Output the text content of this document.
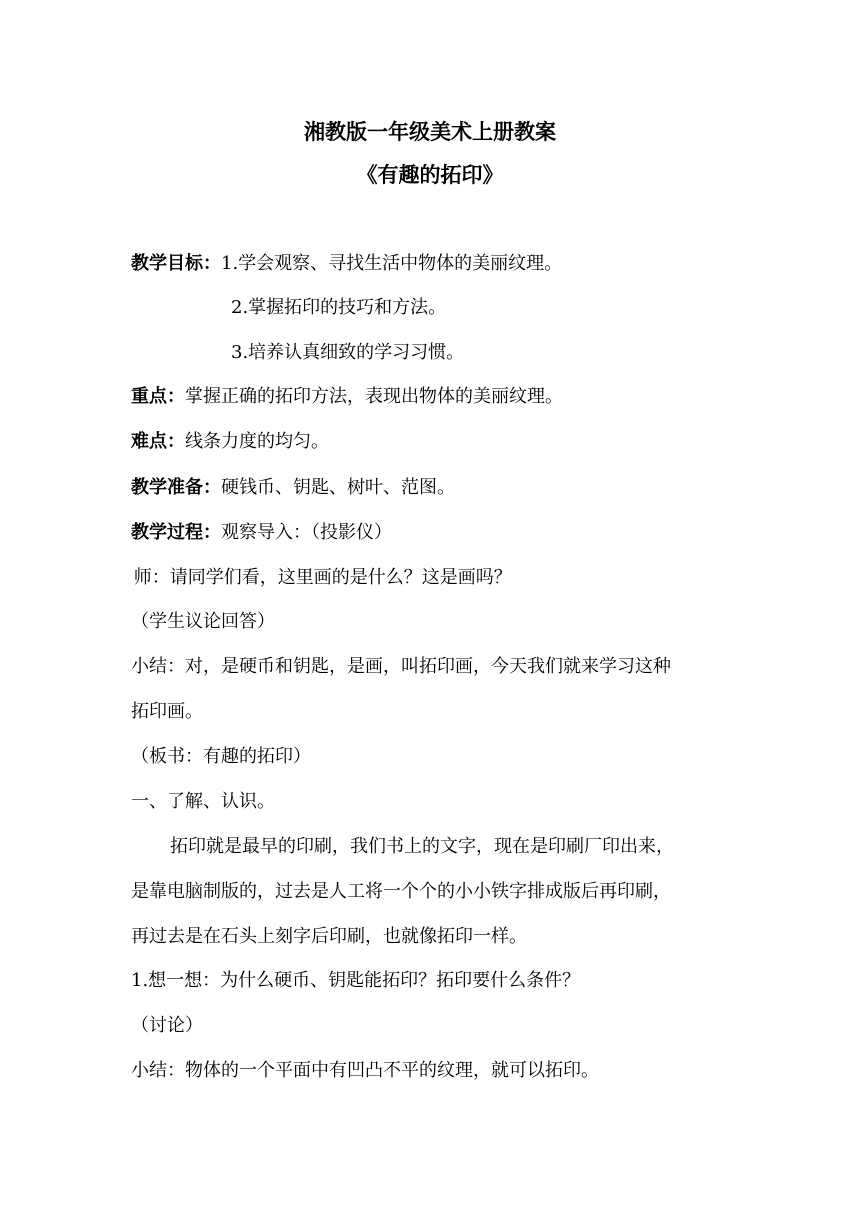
湘教版一年级美术上册教案
《有趣的拓印》
教学目标：1.学会观察、寻找生活中物体的美丽纹理。
2.掌握拓印的技巧和方法。
3.培养认真细致的学习习惯。
重点：掌握正确的拓印方法，表现出物体的美丽纹理。
难点：线条力度的均匀。
教学准备：硬钱币、钥匙、树叶、范图。
教学过程：观察导入：（投影仪）
师：请同学们看，这里画的是什么？这是画吗？
（学生议论回答）
小结：对，是硬币和钥匙，是画，叫拓印画，今天我们就来学习这种
拓印画。
（板书：有趣的拓印）
一、了解、认识。
拓印就是最早的印刷，我们书上的文字，现在是印刷厂印出来，
是靠电脑制版的，过去是人工将一个个的小小铁字排成版后再印刷，
再过去是在石头上刻字后印刷，也就像拓印一样。
1.想一想：为什么硬币、钥匙能拓印？拓印要什么条件？
（讨论）
小结：物体的一个平面中有凹凸不平的纹理，就可以拓印。
